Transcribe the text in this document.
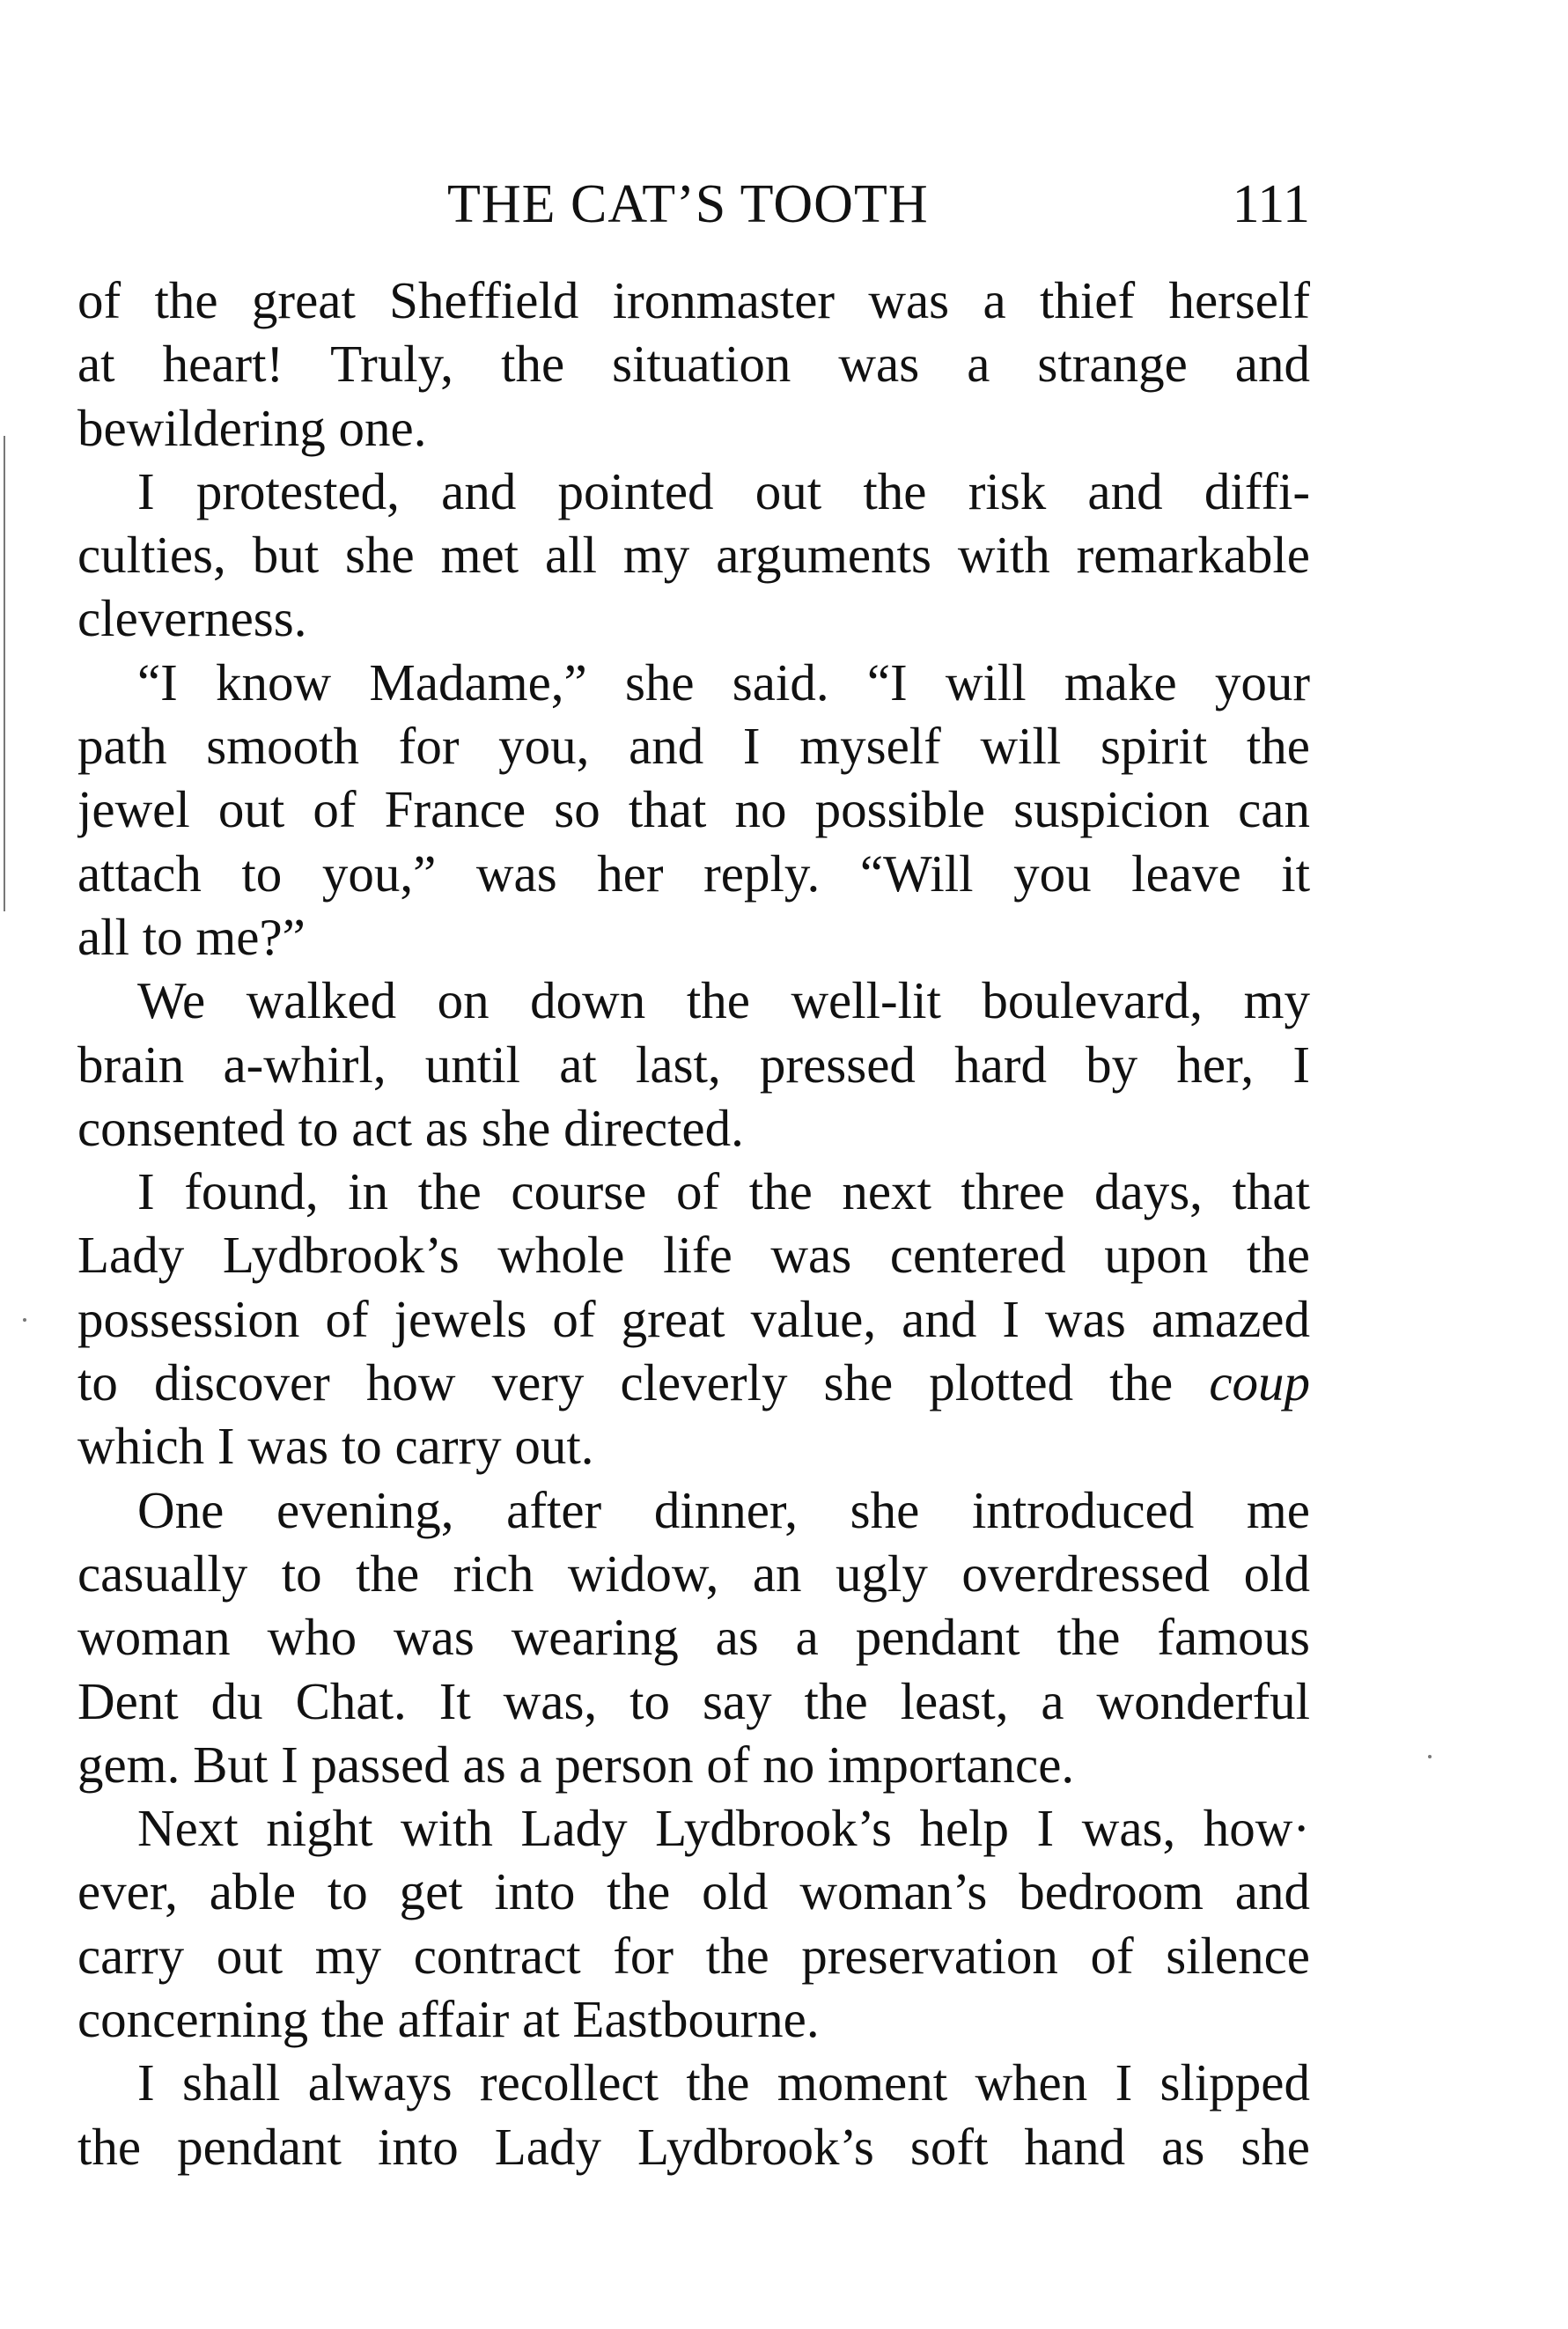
THE CAT’S TOOTH	111
of the great Sheffield ironmaster was a thief herself
at heart! Truly, the situation was a strange and
bewildering one.
I protested, and pointed out the risk and diffi-
culties, but she met all my arguments with remarkable
cleverness.
“I know Madame,” she said. “I will make your
path smooth for you, and I myself will spirit the
jewel out of France so that no possible suspicion can
attach to you,” was her reply. “Will you leave it
all to me?”
We walked on down the well-lit boulevard, my
brain a-whirl, until at last, pressed hard by her, I
consented to act as she directed.
I found, in the course of the next three days, that
Lady Lydbrook’s whole life was centered upon the
possession of jewels of great value, and I was amazed
to discover how very cleverly she plotted the coup
which I was to carry out.
One evening, after dinner, she introduced me
casually to the rich widow, an ugly overdressed old
woman who was wearing as a pendant the famous
Dent du Chat. It was, to say the least, a wonderful
gem. But I passed as a person of no importance.
Next night with Lady Lydbrook’s help I was, how·
ever, able to get into the old woman’s bedroom and
carry out my contract for the preservation of silence
concerning the affair at Eastbourne.
I shall always recollect the moment when I slipped
the pendant into Lady Lydbrook’s soft hand as she
